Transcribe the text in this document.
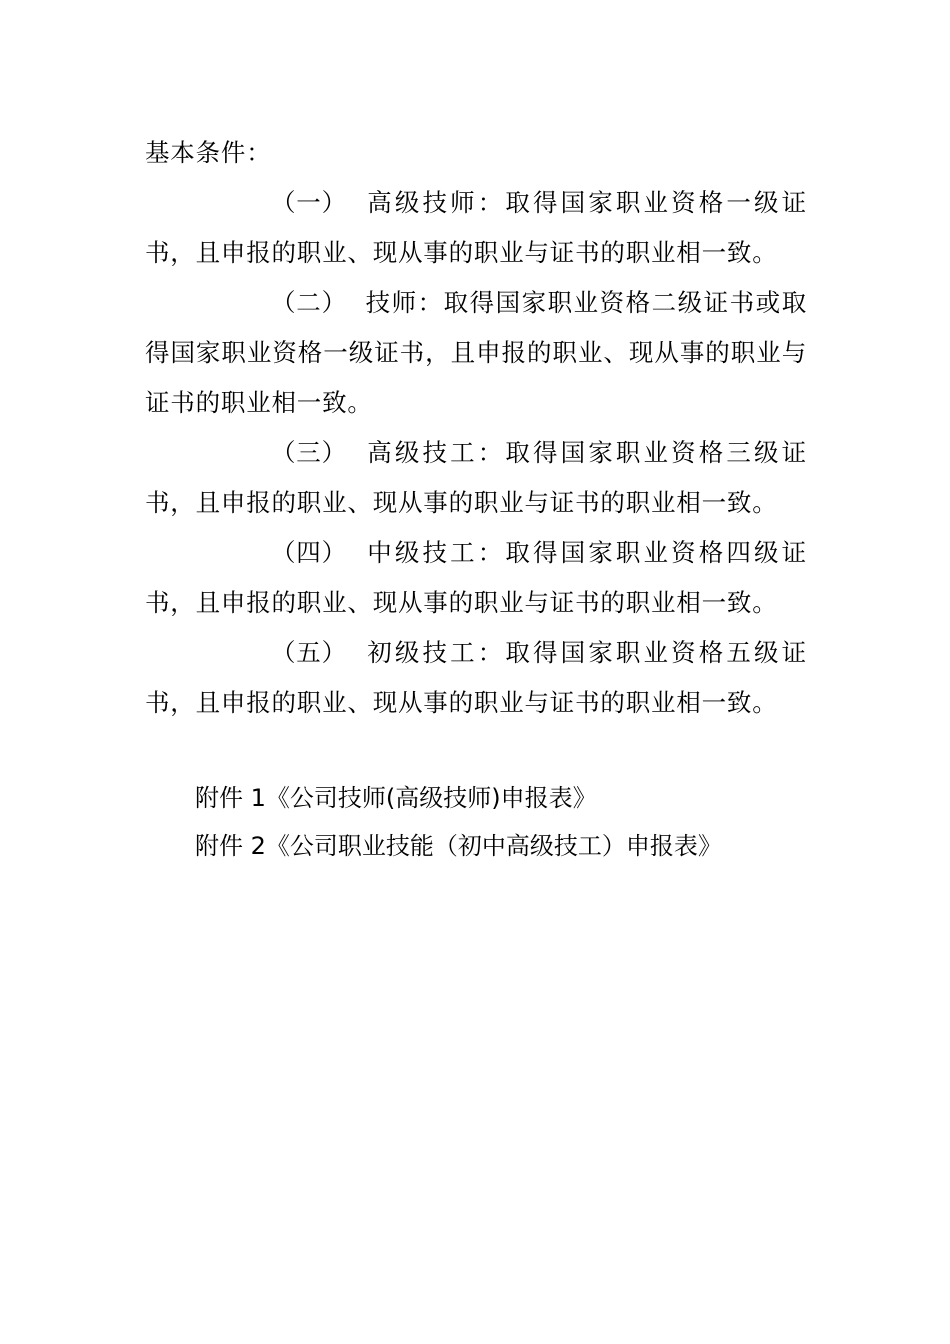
基本条件：

（一） 高级技师：取得国家职业资格一级证书，且申报的职业、现从事的职业与证书的职业相一致。

（二） 技师：取得国家职业资格二级证书或取得国家职业资格一级证书，且申报的职业、现从事的职业与证书的职业相一致。

（三） 高级技工：取得国家职业资格三级证书，且申报的职业、现从事的职业与证书的职业相一致。

（四） 中级技工：取得国家职业资格四级证书，且申报的职业、现从事的职业与证书的职业相一致。

（五） 初级技工：取得国家职业资格五级证书，且申报的职业、现从事的职业与证书的职业相一致。

附件 1《公司技师(高级技师)申报表》

附件 2《公司职业技能（初中高级技工）申报表》
